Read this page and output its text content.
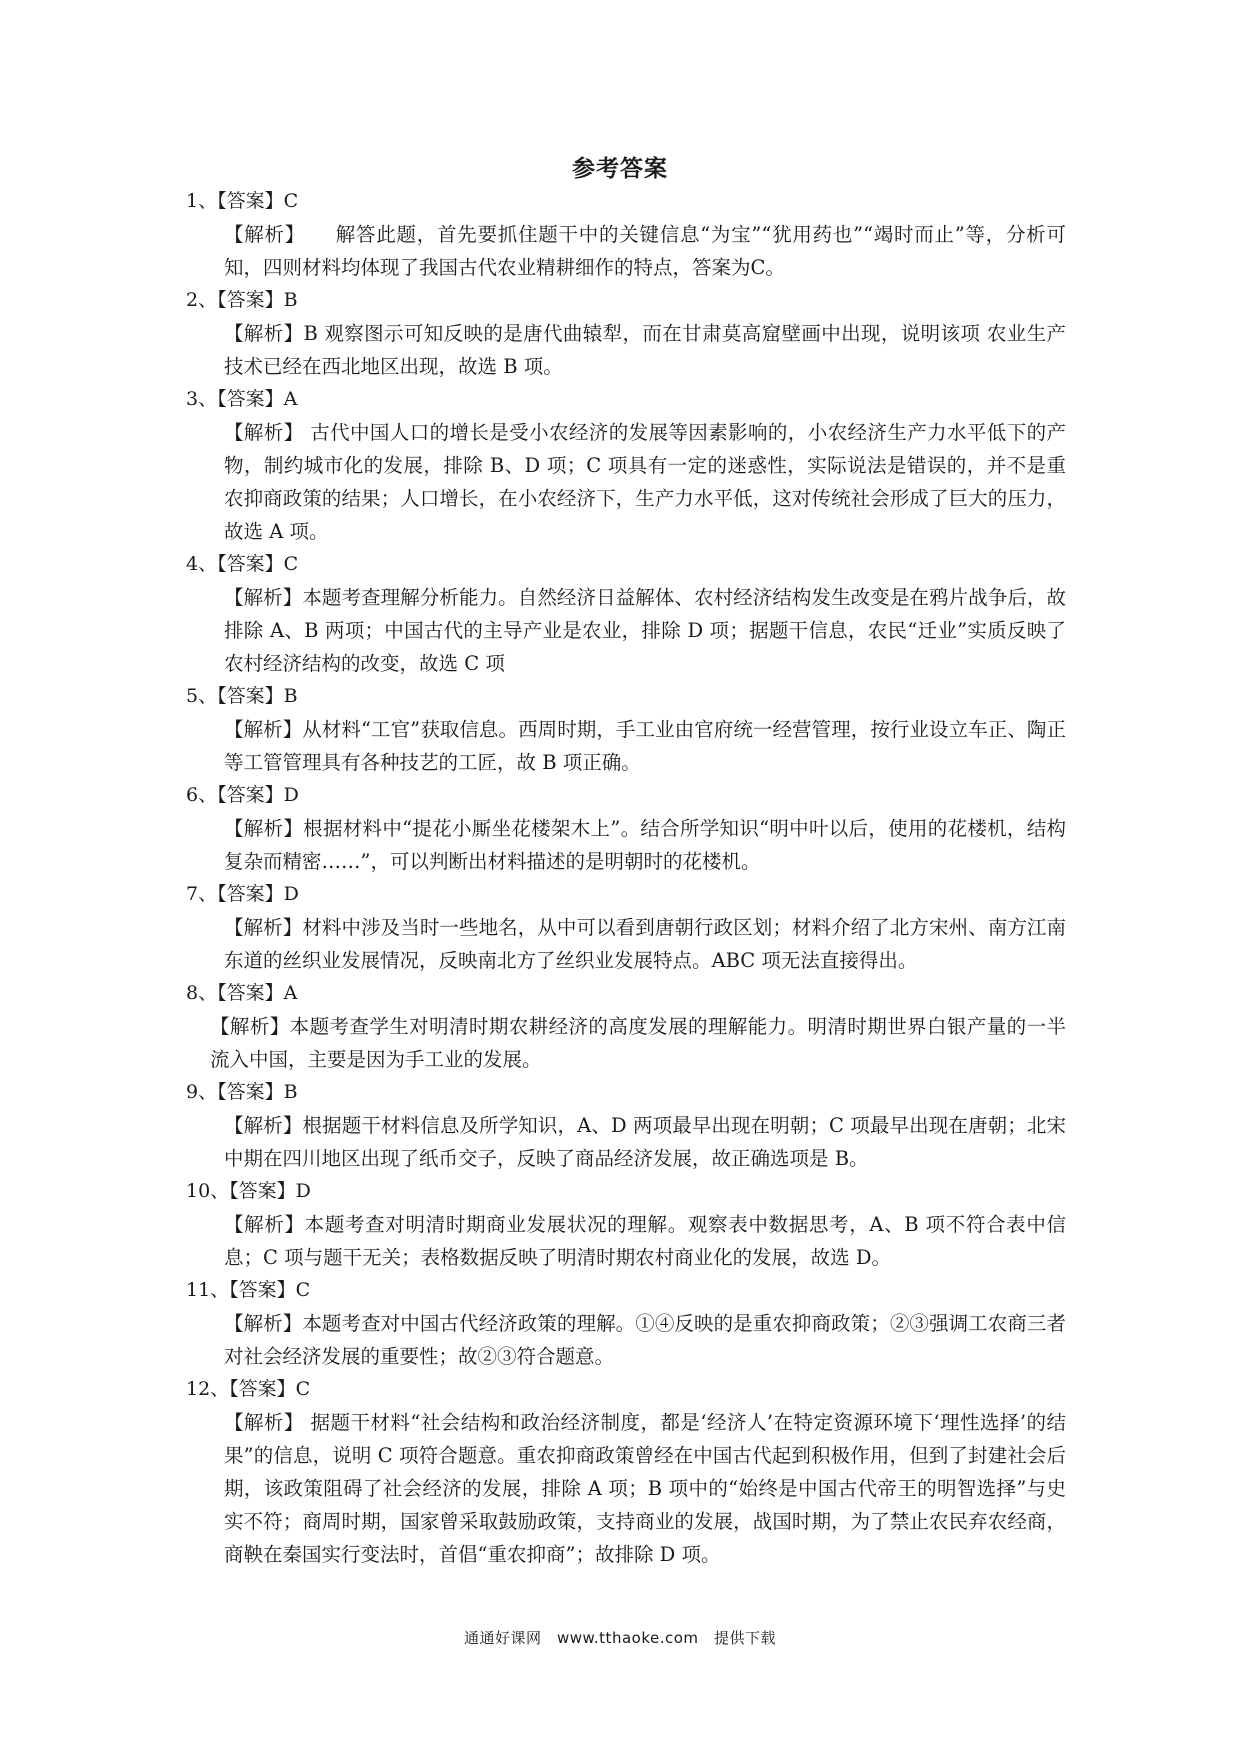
参考答案
1、【答案】C
【解析】　　解答此题，首先要抓住题干中的关键信息“为宝”“犹用药也”“竭时而止”等，分析可知，四则材料均体现了我国古代农业精耕细作的特点，答案为C。
2、【答案】B
【解析】B 观察图示可知反映的是唐代曲辕犁，而在甘肃莫高窟壁画中出现，说明该项 农业生产技术已经在西北地区出现，故选 B 项。
3、【答案】A
【解析】 古代中国人口的增长是受小农经济的发展等因素影响的，小农经济生产力水平低下的产物，制约城市化的发展，排除 B、D 项；C 项具有一定的迷惑性，实际说法是错误的，并不是重农抑商政策的结果；人口增长，在小农经济下，生产力水平低，这对传统社会形成了巨大的压力，故选 A 项。
4、【答案】C
【解析】本题考查理解分析能力。自然经济日益解体、农村经济结构发生改变是在鸦片战争后，故排除 A、B 两项；中国古代的主导产业是农业，排除 D 项；据题干信息，农民“迁业”实质反映了农村经济结构的改变，故选 C 项
5、【答案】B
【解析】从材料“工官”获取信息。西周时期，手工业由官府统一经营管理，按行业设立车正、陶正等工管管理具有各种技艺的工匠，故 B 项正确。
6、【答案】D
【解析】根据材料中“提花小厮坐花楼架木上”。结合所学知识“明中叶以后，使用的花楼机，结构复杂而精密……”，可以判断出材料描述的是明朝时的花楼机。
7、【答案】D
【解析】材料中涉及当时一些地名，从中可以看到唐朝行政区划；材料介绍了北方宋州、南方江南东道的丝织业发展情况，反映南北方了丝织业发展特点。ABC 项无法直接得出。
8、【答案】A
【解析】本题考查学生对明清时期农耕经济的高度发展的理解能力。明清时期世界白银产量的一半流入中国，主要是因为手工业的发展。
9、【答案】B
【解析】根据题干材料信息及所学知识，A、D 两项最早出现在明朝；C 项最早出现在唐朝；北宋中期在四川地区出现了纸币交子，反映了商品经济发展，故正确选项是 B。
10、【答案】D
【解析】本题考查对明清时期商业发展状况的理解。观察表中数据思考，A、B 项不符合表中信息；C 项与题干无关；表格数据反映了明清时期农村商业化的发展，故选 D。
11、【答案】C
【解析】本题考查对中国古代经济政策的理解。①④反映的是重农抑商政策；②③强调工农商三者对社会经济发展的重要性；故②③符合题意。
12、【答案】C
【解析】 据题干材料“社会结构和政治经济制度，都是‘经济人’在特定资源环境下‘理性选择’的结果”的信息，说明 C 项符合题意。重农抑商政策曾经在中国古代起到积极作用，但到了封建社会后期，该政策阻碍了社会经济的发展，排除 A 项；B 项中的“始终是中国古代帝王的明智选择”与史实不符；商周时期，国家曾采取鼓励政策，支持商业的发展，战国时期，为了禁止农民弃农经商，商鞅在秦国实行变法时，首倡“重农抑商”；故排除 D 项。
通通好课网　www.tthaoke.com　提供下载
